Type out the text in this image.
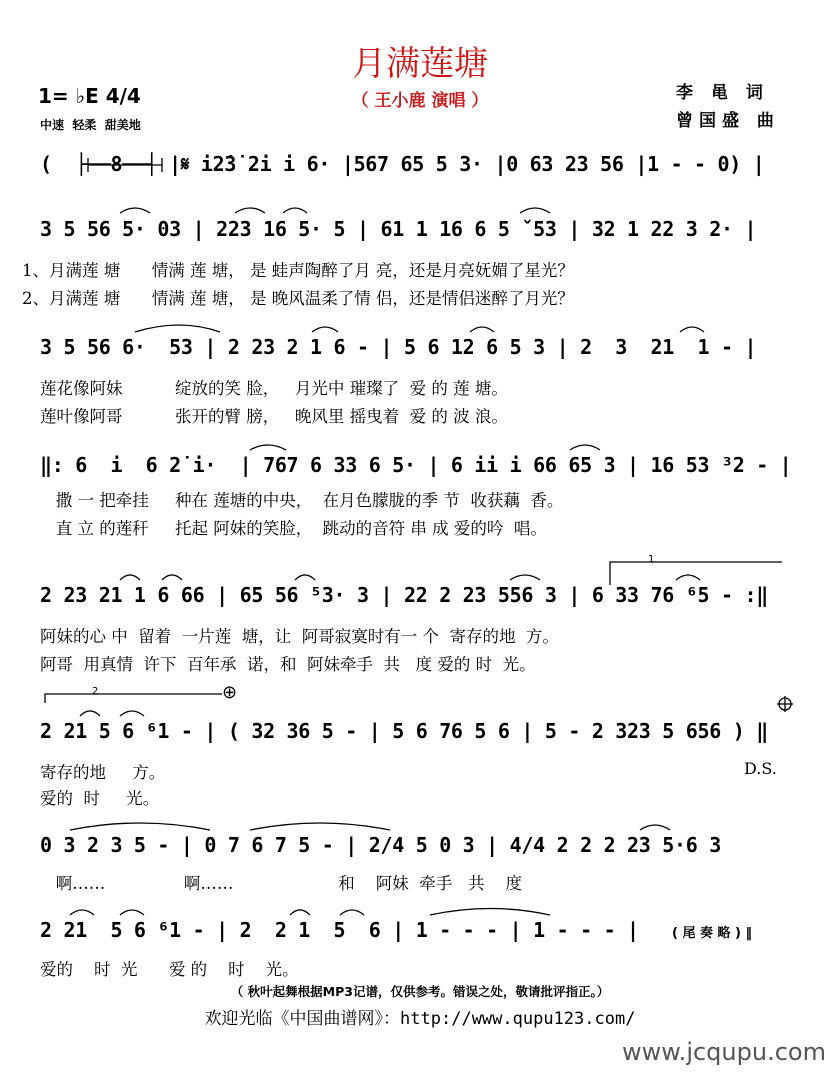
月满莲塘
（ 王小鹿 演唱 ）
1= ♭E 4/4
中速  轻柔  甜美地
李 黾 词
曾国盛 曲
(  ├──8──┤ |𝄋 i2̇3̇ 2̇i i 6· |567 65 5 3· |0 63 23 56 |1 - - 0) |
3 5 56 5· 03 | 223 16 5· 5 | 61 1 16 6 5 ˇ53 | 32 1 22 3 2· |
1、月满莲 塘      情满 莲 塘， 是 蛙声陶醉了月 亮，还是月亮妩媚了星光？
2、月满莲 塘      情满 莲 塘， 是 晚风温柔了情 侣，还是情侣迷醉了月光？
3 5 56 6·  53 | 2 23 2 1 6 - | 5 6 12 6 5 3 | 2  3  21  1 - |
莲花像阿妹          绽放的笑 脸，   月光中 璀璨了  爱 的 莲 塘。
莲叶像阿哥          张开的臂 膀，   晚风里 摇曳着  爱 的 波 浪。
‖: 6  i  6 2̇ i·  | 767 6 33 6 5· | 6 ii i 66 65 3 | 16 53 ³2 - |
撒 一 把牵挂     种在 莲塘的中央，  在月色朦胧的季 节  收获藕  香。
直 立 的莲秆     托起 阿妹的笑脸，  跳动的音符 串 成 爱的吟  唱。
1
2 23 21 1 6 66 | 65 56 ⁵3· 3 | 22 2 23 556 3 | 6 33 76 ⁶5 - :‖
阿妹的心 中  留着  一片莲  塘，让  阿哥寂寞时有一 个  寄存的地  方。
阿哥  用真情  许下  百年承  诺，和  阿妹牵手  共   度 爱的 时  光。
2	⊕
2 21 5 6 ⁶1 - | ( 32 36 5 - | 5 6 76 5 6 | 5 - 2 323 5 656 ) ‖
寄存的地     方。
爱的  时     光。
D.S.
0 3 2 3 5 - | 0 7 6 7 5 - | 2/4 5 0 3 | 4/4 2 2 2 23 5·6 3
啊……               啊……                    和    阿妹  牵手   共    度
2 21  5 6 ⁶1 - | 2  2 1  5  6 | 1 - - - | 1 - - - |
爱的    时  光      爱 的    时    光。
( 尾 奏 略 ) ‖
（ 秋叶起舞根据MP3记谱，仅供参考。错误之处，敬请批评指正。）
欢迎光临《中国曲谱网》：http://www.qupu123.com/
www.jcqupu.com
